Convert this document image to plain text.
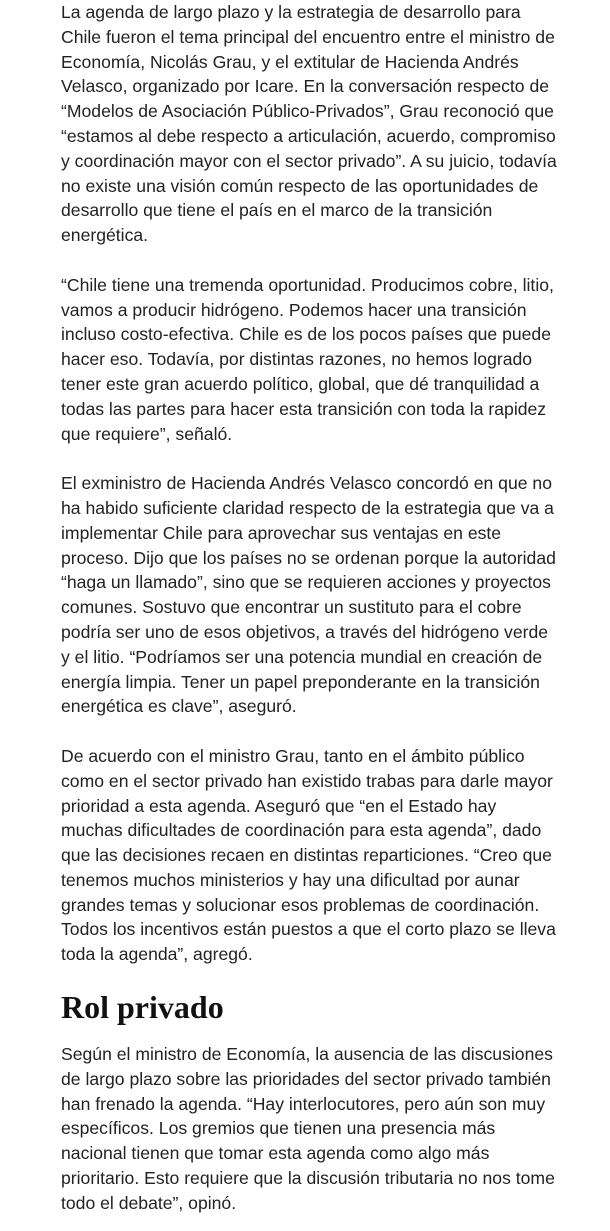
La agenda de largo plazo y la estrategia de desarrollo para Chile fueron el tema principal del encuentro entre el ministro de Economía, Nicolás Grau, y el extitular de Hacienda Andrés Velasco, organizado por Icare. En la conversación respecto de “Modelos de Asociación Público-Privados”, Grau reconoció que “estamos al debe respecto a articulación, acuerdo, compromiso y coordinación mayor con el sector privado”. A su juicio, todavía no existe una visión común respecto de las oportunidades de desarrollo que tiene el país en el marco de la transición energética.

“Chile tiene una tremenda oportunidad. Producimos cobre, litio, vamos a producir hidrógeno. Podemos hacer una transición incluso costo-efectiva. Chile es de los pocos países que puede hacer eso. Todavía, por distintas razones, no hemos logrado tener este gran acuerdo político, global, que dé tranquilidad a todas las partes para hacer esta transición con toda la rapidez que requiere”, señaló.

El exministro de Hacienda Andrés Velasco concordó en que no ha habido suficiente claridad respecto de la estrategia que va a implementar Chile para aprovechar sus ventajas en este proceso. Dijo que los países no se ordenan porque la autoridad “haga un llamado”, sino que se requieren acciones y proyectos comunes. Sostuvo que encontrar un sustituto para el cobre podría ser uno de esos objetivos, a través del hidrógeno verde y el litio. “Podríamos ser una potencia mundial en creación de energía limpia. Tener un papel preponderante en la transición energética es clave”, aseguró.

De acuerdo con el ministro Grau, tanto en el ámbito público como en el sector privado han existido trabas para darle mayor prioridad a esta agenda. Aseguró que “en el Estado hay muchas dificultades de coordinación para esta agenda”, dado que las decisiones recaen en distintas reparticiones. “Creo que tenemos muchos ministerios y hay una dificultad por aunar grandes temas y solucionar esos problemas de coordinación. Todos los incentivos están puestos a que el corto plazo se lleva toda la agenda”, agregó.

Rol privado

Según el ministro de Economía, la ausencia de las discusiones de largo plazo sobre las prioridades del sector privado también han frenado la agenda. “Hay interlocutores, pero aún son muy específicos. Los gremios que tienen una presencia más nacional tienen que tomar esta agenda como algo más prioritario. Esto requiere que la discusión tributaria no nos tome todo el debate”, opinó.
